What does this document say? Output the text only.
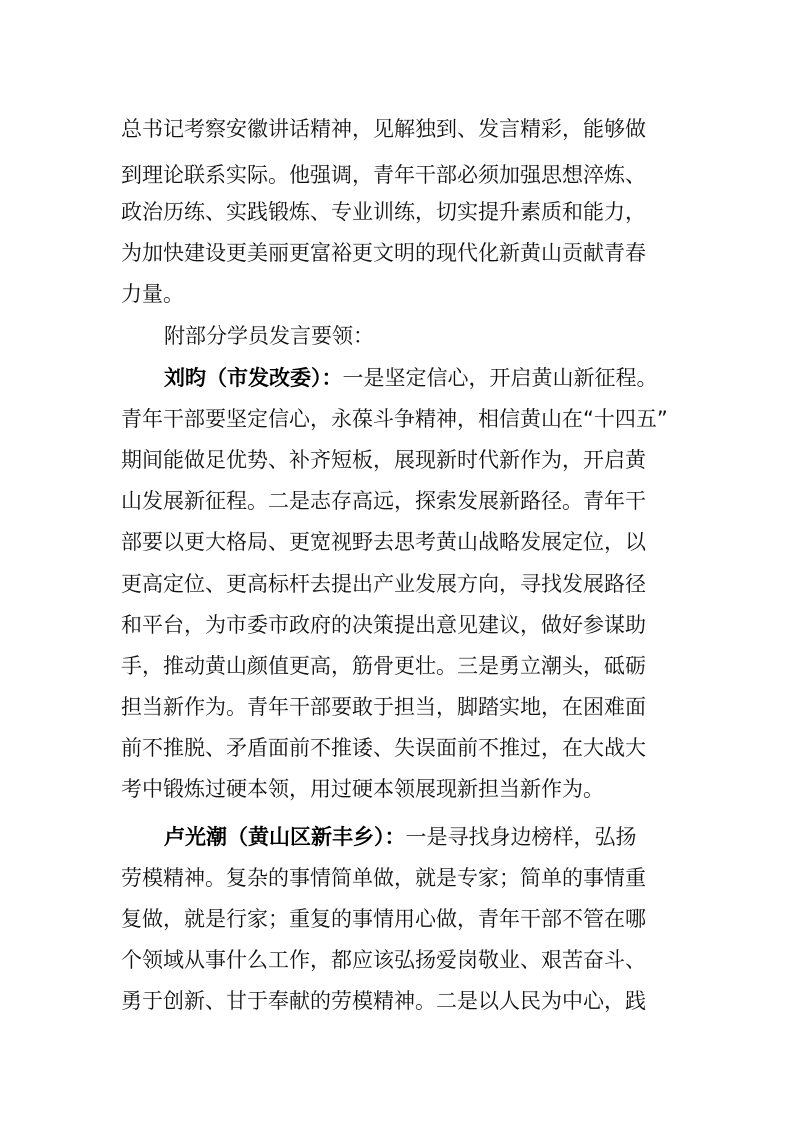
总书记考察安徽讲话精神，见解独到、发言精彩，能够做
到理论联系实际。他强调，青年干部必须加强思想淬炼、
政治历练、实践锻炼、专业训练，切实提升素质和能力，
为加快建设更美丽更富裕更文明的现代化新黄山贡献青春
力量。
附部分学员发言要领：
刘昀（市发改委）：一是坚定信心，开启黄山新征程。
青年干部要坚定信心，永葆斗争精神，相信黄山在“十四五”
期间能做足优势、补齐短板，展现新时代新作为，开启黄
山发展新征程。二是志存高远，探索发展新路径。青年干
部要以更大格局、更宽视野去思考黄山战略发展定位，以
更高定位、更高标杆去提出产业发展方向，寻找发展路径
和平台，为市委市政府的决策提出意见建议，做好参谋助
手，推动黄山颜值更高，筋骨更壮。三是勇立潮头，砥砺
担当新作为。青年干部要敢于担当，脚踏实地，在困难面
前不推脱、矛盾面前不推诿、失误面前不推过，在大战大
考中锻炼过硬本领，用过硬本领展现新担当新作为。
卢光潮（黄山区新丰乡）：一是寻找身边榜样，弘扬
劳模精神。复杂的事情简单做，就是专家；简单的事情重
复做，就是行家；重复的事情用心做，青年干部不管在哪
个领域从事什么工作，都应该弘扬爱岗敬业、艰苦奋斗、
勇于创新、甘于奉献的劳模精神。二是以人民为中心，践
